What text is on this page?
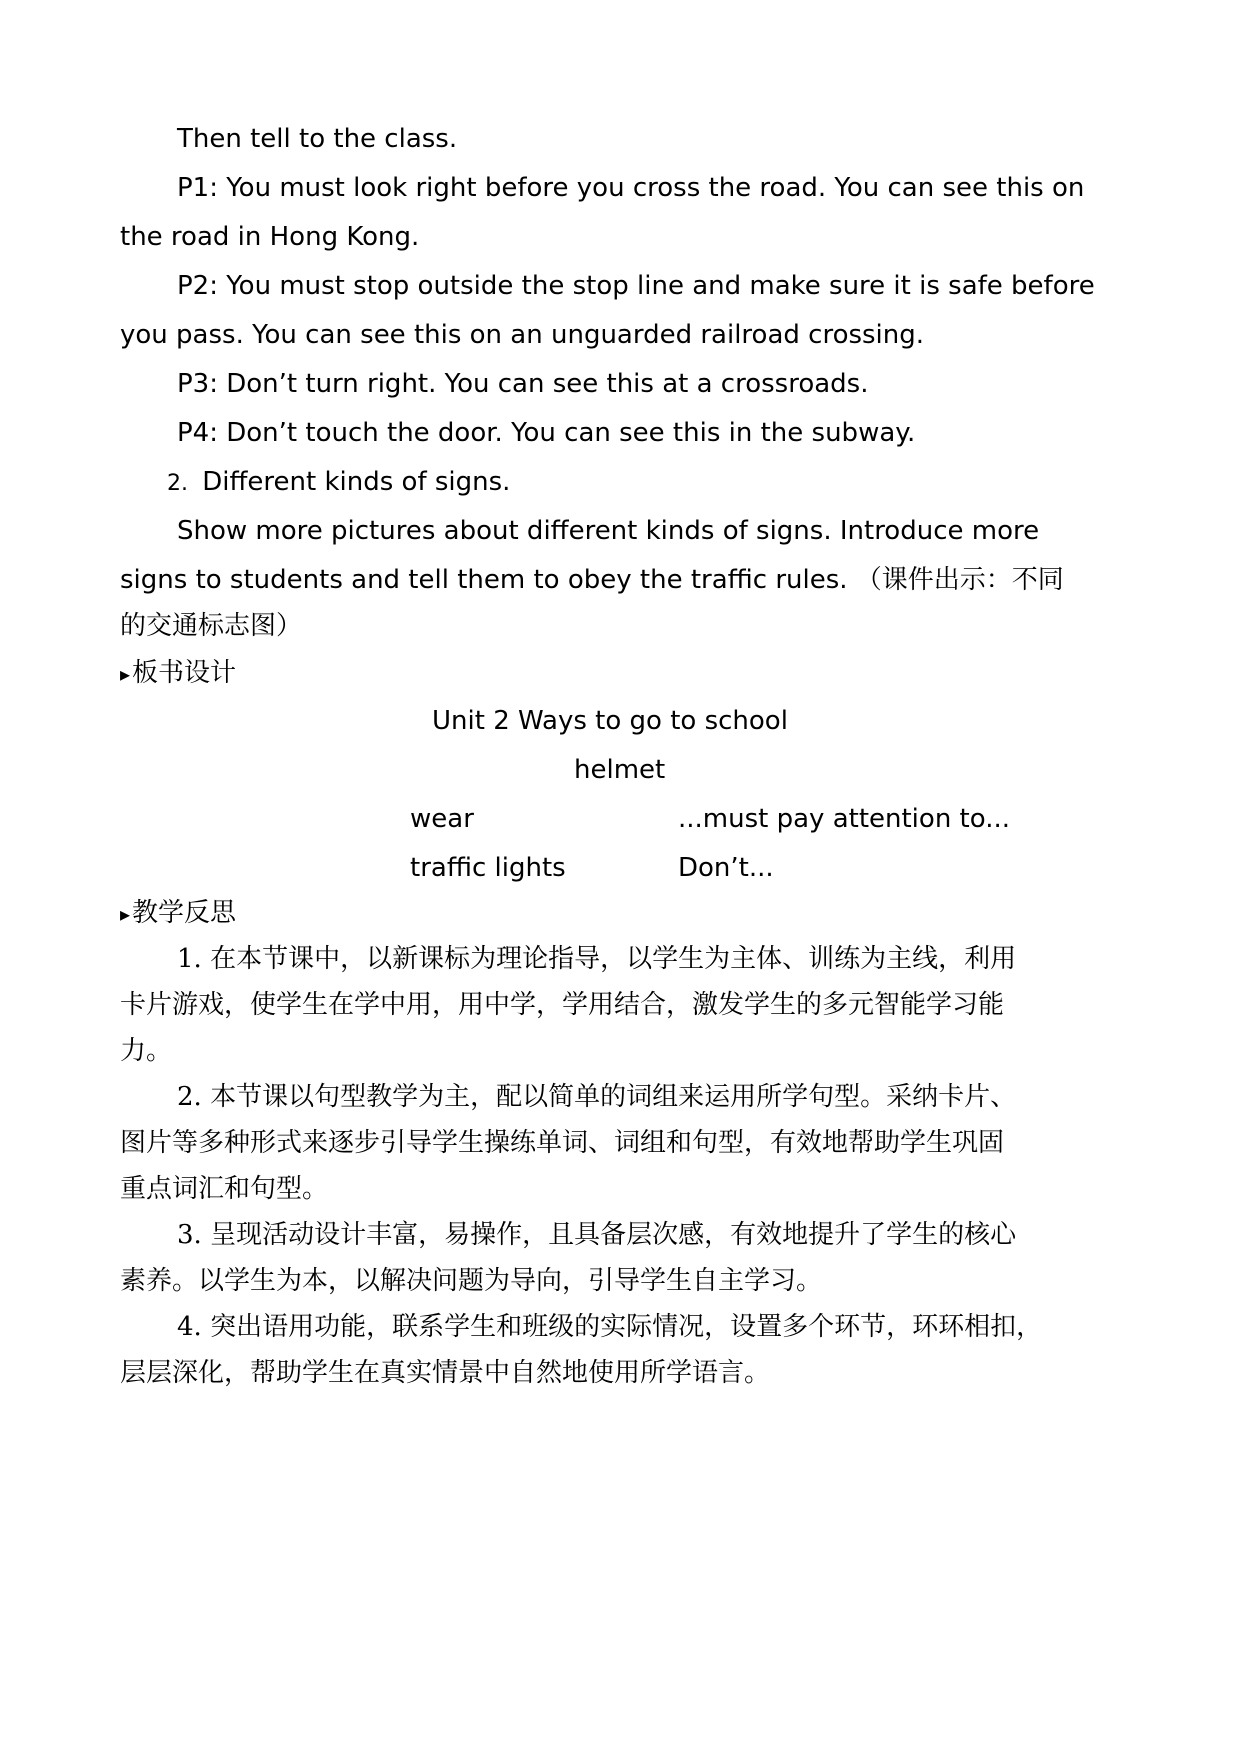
Then tell to the class.
P1: You must look right before you cross the road. You can see this on
the road in Hong Kong.
P2: You must stop outside the stop line and make sure it is safe before
you pass. You can see this on an unguarded railroad crossing.
P3: Don’t turn right. You can see this at a crossroads.
P4: Don’t touch the door. You can see this in the subway.
2. Different kinds of signs.
Show more pictures about different kinds of signs. Introduce more
signs to students and tell them to obey the traffic rules. （课件出示：不同
的交通标志图）
▸板书设计
Unit 2 Ways to go to school
helmet
wear	...must pay attention to...
traffic lights	Don’t...
▸教学反思
1. 在本节课中，以新课标为理论指导，以学生为主体、训练为主线，利用
卡片游戏，使学生在学中用，用中学，学用结合，激发学生的多元智能学习能
力。
2. 本节课以句型教学为主，配以简单的词组来运用所学句型。采纳卡片、
图片等多种形式来逐步引导学生操练单词、词组和句型，有效地帮助学生巩固
重点词汇和句型。
3. 呈现活动设计丰富，易操作，且具备层次感，有效地提升了学生的核心
素养。以学生为本，以解决问题为导向，引导学生自主学习。
4. 突出语用功能，联系学生和班级的实际情况，设置多个环节，环环相扣，
层层深化，帮助学生在真实情景中自然地使用所学语言。
